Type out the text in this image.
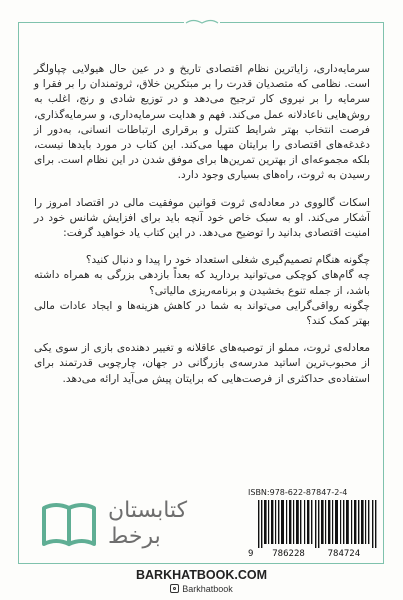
سرمایه‌داری، زاياترین نظام اقتصادی تاریخ و در عین حال هیولایی چپاولگر است. نظامی که متصدیان قدرت را بر مبتکرین خلاق، ثروتمندان را بر فقرا و سرمایه را بر نیروی کار ترجیح می‌دهد و در توزیع شادی و رنج، اغلب به روش‌هایی ناعادلانه عمل می‌کند. فهم و هدایت سرمایه‌داری، و سرمایه‌گذاری، فرصت انتخاب بهتر شرایط کنترل و برقراری ارتباطات انسانی، به‌دور از دغدغه‌های اقتصادی را برایتان مهیا می‌کند. این کتاب در مورد باید‌ها نیست، بلکه مجموعه‌ای از بهترین تمرین‌ها برای موفق شدن در این نظام است. برای رسیدن به ثروت، راه‌های بسیاری وجود دارد.

اسکات گالووی در معادله‌ی ثروت قوانین موفقیت مالی در اقتصاد امروز را آشکار می‌کند. او به سبک خاص خود آنچه باید برای افزایش شانس خود در امنیت اقتصادی بدانید را توضیح می‌دهد. در این کتاب یاد خواهید گرفت:

چگونه هنگام تصمیم‌گیری شغلی استعداد خود را پیدا و دنبال کنید؟

چه گام‌های کوچکی می‌توانید بردارید که بعداً بازدهی بزرگی به همراه داشته باشد، از جمله تنوع بخشیدن و برنامه‌ریزی مالیاتی؟

چگونه رواقی‌گرایی می‌تواند به شما در کاهش هزینه‌ها و ایجاد عادات مالی بهتر کمک کند؟

معادله‌ی ثروت، مملو از توصیه‌های عاقلانه و تغییر دهنده‌ی بازی از سوی یکی از محبوب‌ترین اساتید مدرسه‌ی بازرگانی در جهان، چارچوبی قدرتمند برای استفاده‌ی حداکثری از فرصت‌هایی که برایتان پیش می‌آید ارائه می‌دهد.

کتابستان
برخط
ISBN:978-622-87847-2-4
9 786228	784724
BARKHATBOOK.COM
Barkhatbook
